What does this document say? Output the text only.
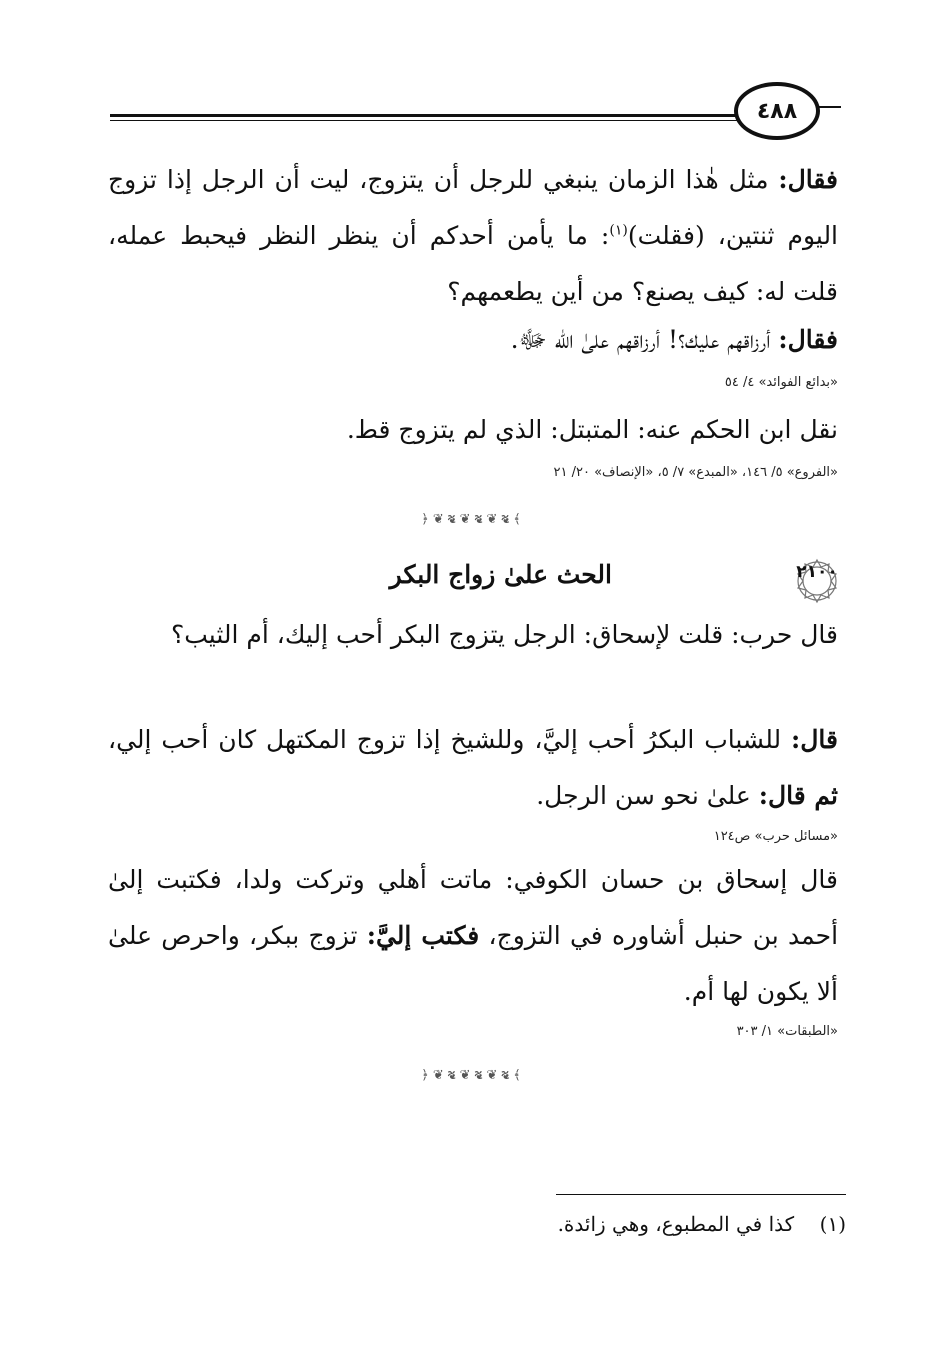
٤٨٨
فقال: مثل هٰذا الزمان ينبغي للرجل أن يتزوج، ليت أن الرجل إذا تزوج اليوم ثنتين، (فقلت)$^{(١)}$: ما يأمن أحدكم أن ينظر النظر فيحبط عمله، قلت له: كيف يصنع؟ من أين يطعمهم؟
فقال: أرزاقهم عليك؟! أرزاقهم علىٰ الله ﷻ.
«بدائع الفوائد» ٤/ ٥٤
نقل ابن الحكم عنه: المتبتل: الذي لم يتزوج قط.
«الفروع» ٥/ ١٤٦، «المبدع» ٧/ ٥، «الإنصاف» ٢٠/ ٢١
﴾ ❧ ❦ ❧ ❦ ❧ ❦ ﴿
٢١٠٠
الحث علىٰ زواج البكر
قال حرب: قلت لإسحاق: الرجل يتزوج البكر أحب إليك، أم الثيب؟
قال: للشباب البكرُ أحب إليَّ، وللشيخ إذا تزوج المكتهل كان أحب إلي، ثم قال: علىٰ نحو سن الرجل.
«مسائل حرب» ص١٢٤
قال إسحاق بن حسان الكوفي: ماتت أهلي وتركت ولدا، فكتبت إلىٰ أحمد بن حنبل أشاوره في التزوج، فكتب إليَّ: تزوج ببكر، واحرص علىٰ ألا يكون لها أم.
«الطبقات» ١/ ٣٠٣
﴾ ❧ ❦ ❧ ❦ ❧ ❦ ﴿
(١)    كذا في المطبوع، وهي زائدة.
